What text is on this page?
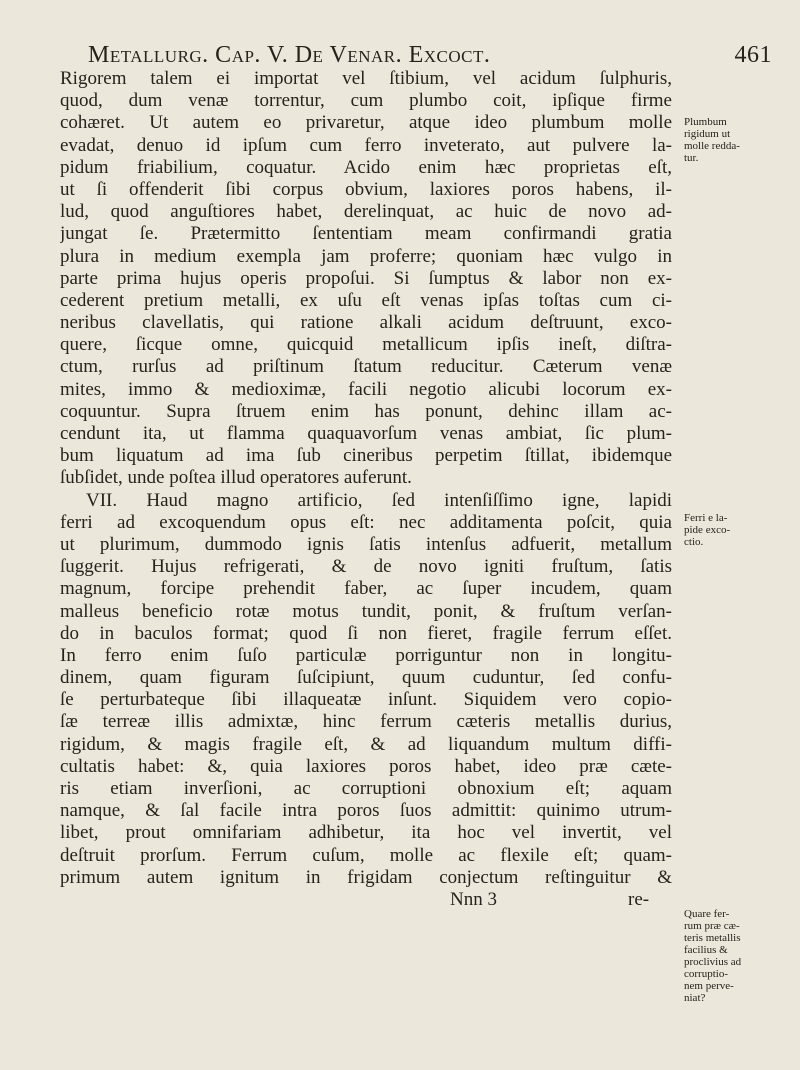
Metallurg. Cap. V. De Venar. Excoct.	461
Rigorem talem ei importat vel ſtibium, vel acidum ſulphuris,
quod, dum venæ torrentur, cum plumbo coit, ipſique firme
cohæret. Ut autem eo privaretur, atque ideo plumbum molle
evadat, denuo id ipſum cum ferro inveterato, aut pulvere la-
pidum friabilium, coquatur. Acido enim hæc proprietas eſt,
ut ſi offenderit ſibi corpus obvium, laxiores poros habens, il-
lud, quod anguſtiores habet, derelinquat, ac huic de novo ad-
jungat ſe. Prætermitto ſententiam meam confirmandi gratia
plura in medium exempla jam proferre; quoniam hæc vulgo in
parte prima hujus operis propoſui. Si ſumptus & labor non ex-
cederent pretium metalli, ex uſu eſt venas ipſas toſtas cum ci-
neribus clavellatis, qui ratione alkali acidum deſtruunt, exco-
quere, ſicque omne, quicquid metallicum ipſis ineſt, diſtra-
ctum, rurſus ad priſtinum ſtatum reducitur. Cæterum venæ
mites, immo & medioximæ, facili negotio alicubi locorum ex-
coquuntur. Supra ſtruem enim has ponunt, dehinc illam ac-
cendunt ita, ut flamma quaquavorſum venas ambiat, ſic plum-
bum liquatum ad ima ſub cineribus perpetim ſtillat, ibidemque
ſubſidet, unde poſtea illud operatores auferunt.
VII. Haud magno artificio, ſed intenſiſſimo igne, lapidi
ferri ad excoquendum opus eſt: nec additamenta poſcit, quia
ut plurimum, dummodo ignis ſatis intenſus adfuerit, metallum
ſuggerit. Hujus refrigerati, & de novo igniti fruſtum, ſatis
magnum, forcipe prehendit faber, ac ſuper incudem, quam
malleus beneficio rotæ motus tundit, ponit, & fruſtum verſan-
do in baculos format; quod ſi non fieret, fragile ferrum eſſet.
In ferro enim ſuſo particulæ porriguntur non in longitu-
dinem, quam figuram ſuſcipiunt, quum cuduntur, ſed confu-
ſe perturbateque ſibi illaqueatæ inſunt. Siquidem vero copio-
ſæ terreæ illis admixtæ, hinc ferrum cæteris metallis durius,
rigidum, & magis fragile eſt, & ad liquandum multum diffi-
cultatis habet: &, quia laxiores poros habet, ideo præ cæte-
ris etiam inverſioni, ac corruptioni obnoxium eſt; aquam
namque, & ſal facile intra poros ſuos admittit: quinimo utrum-
libet, prout omnifariam adhibetur, ita hoc vel invertit, vel
deſtruit prorſum. Ferrum cuſum, molle ac flexile eſt; quam-
primum autem ignitum in frigidam conjectum reſtinguitur &
Nnn 3	re-
Plumbum
rigidum ut
molle redda-
tur.
Ferri e la-
pide exco-
ctio.
Quare fer-
rum præ cæ-
teris metallis
facilius &
proclivius ad
corruptio-
nem perve-
niat?
